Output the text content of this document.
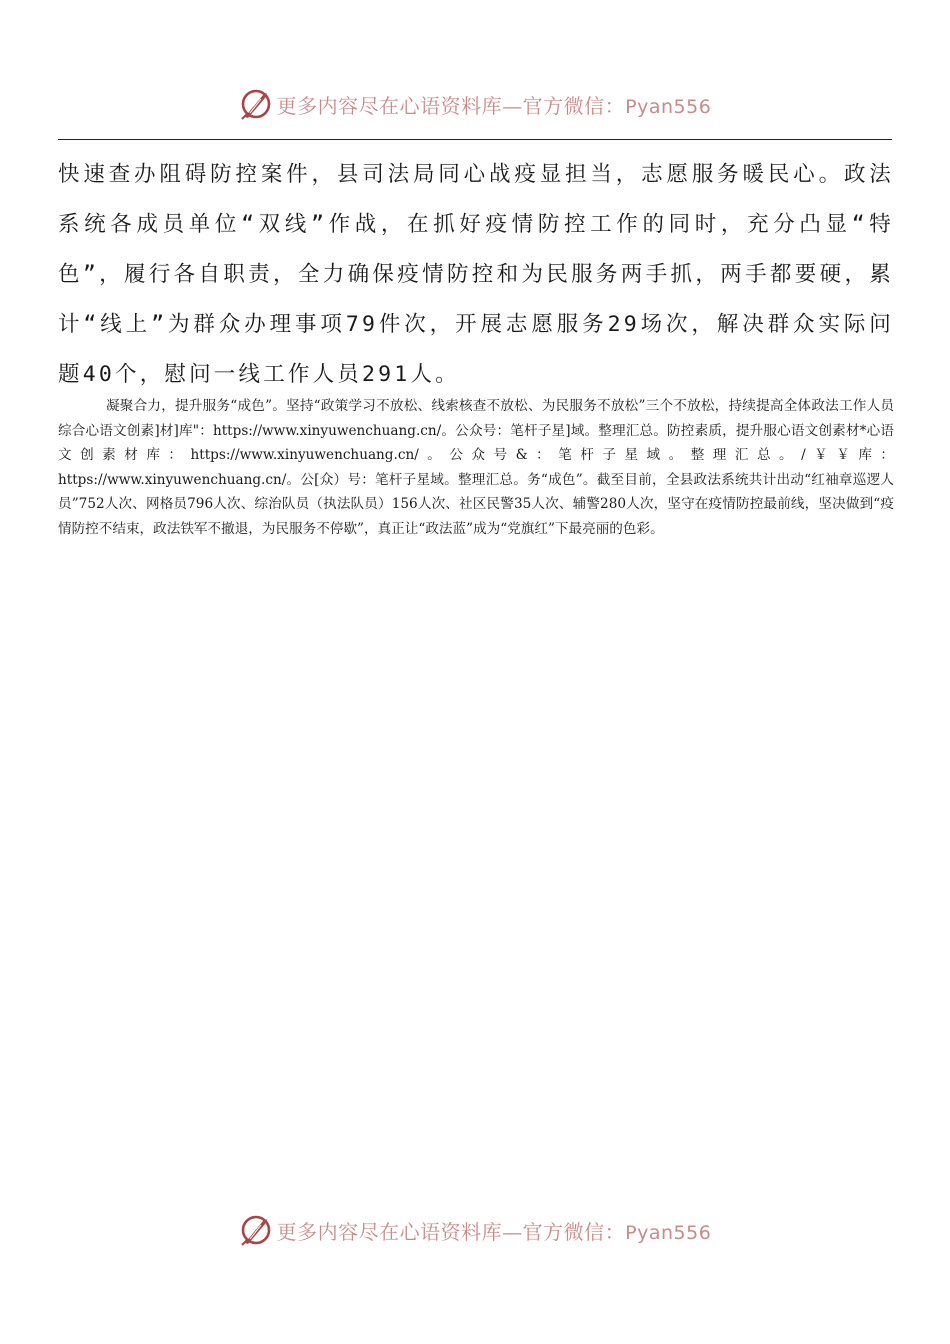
更多内容尽在心语资料库—官方微信：Pyan556

快速查办阻碍防控案件，县司法局同心战疫显担当，志愿服务暖民心。政法系统各成员单位“双线”作战，在抓好疫情防控工作的同时，充分凸显“特色”，履行各自职责，全力确保疫情防控和为民服务两手抓，两手都要硬，累计“线上”为群众办理事项79件次，开展志愿服务29场次，解决群众实际问题40个，慰问一线工作人员291人。

凝聚合力，提升服务“成色”。坚持“政策学习不放松、线索核查不放松、为民服务不放松”三个不放松，持续提高全体政法工作人员综合心语文创素]材]库"：https://www.xinyuwenchuang.cn/。公众号：笔杆子星]域。整理汇总。防控素质，提升服心语文创素材*心语文创素材库：https://www.xinyuwenchuang.cn/。公众号&：笔杆子星域。整理汇总。/￥￥库：https://www.xinyuwenchuang.cn/。公[众）号：笔杆子星域。整理汇总。务“成色”。截至目前，全县政法系统共计出动“红袖章巡逻人员”752人次、网格员796人次、综治队员（执法队员）156人次、社区民警35人次、辅警280人次，坚守在疫情防控最前线，坚决做到“疫情防控不结束，政法铁军不撤退，为民服务不停歇”，真正让“政法蓝”成为“党旗红”下最亮丽的色彩。

更多内容尽在心语资料库—官方微信：Pyan556
